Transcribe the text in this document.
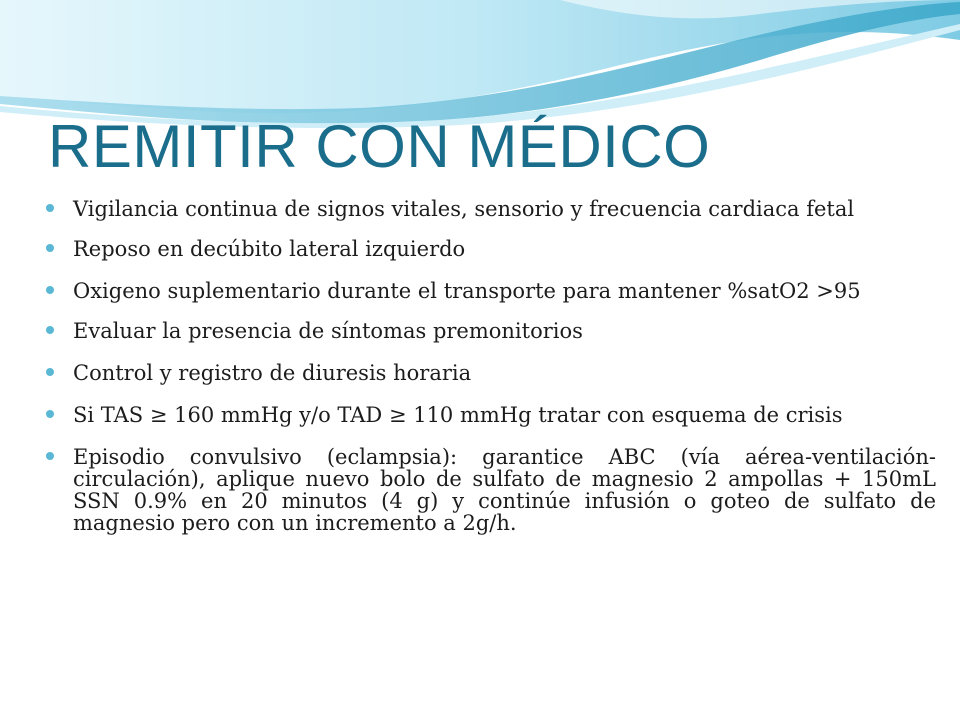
REMITIR CON MÉDICO
Vigilancia continua de signos vitales, sensorio y frecuencia cardiaca fetal
Reposo en decúbito lateral izquierdo
Oxigeno suplementario durante el transporte para mantener %satO2 >95
Evaluar la presencia de síntomas premonitorios
Control y registro de diuresis horaria
Si TAS ≥ 160 mmHg y/o TAD ≥ 110 mmHg tratar con esquema de crisis
Episodio convulsivo (eclampsia): garantice ABC (vía aérea-ventilación-circulación), aplique nuevo bolo de sulfato de magnesio 2 ampollas + 150mL SSN 0.9% en 20 minutos (4 g) y continúe infusión o goteo de sulfato de magnesio pero con un incremento a 2g/h.
